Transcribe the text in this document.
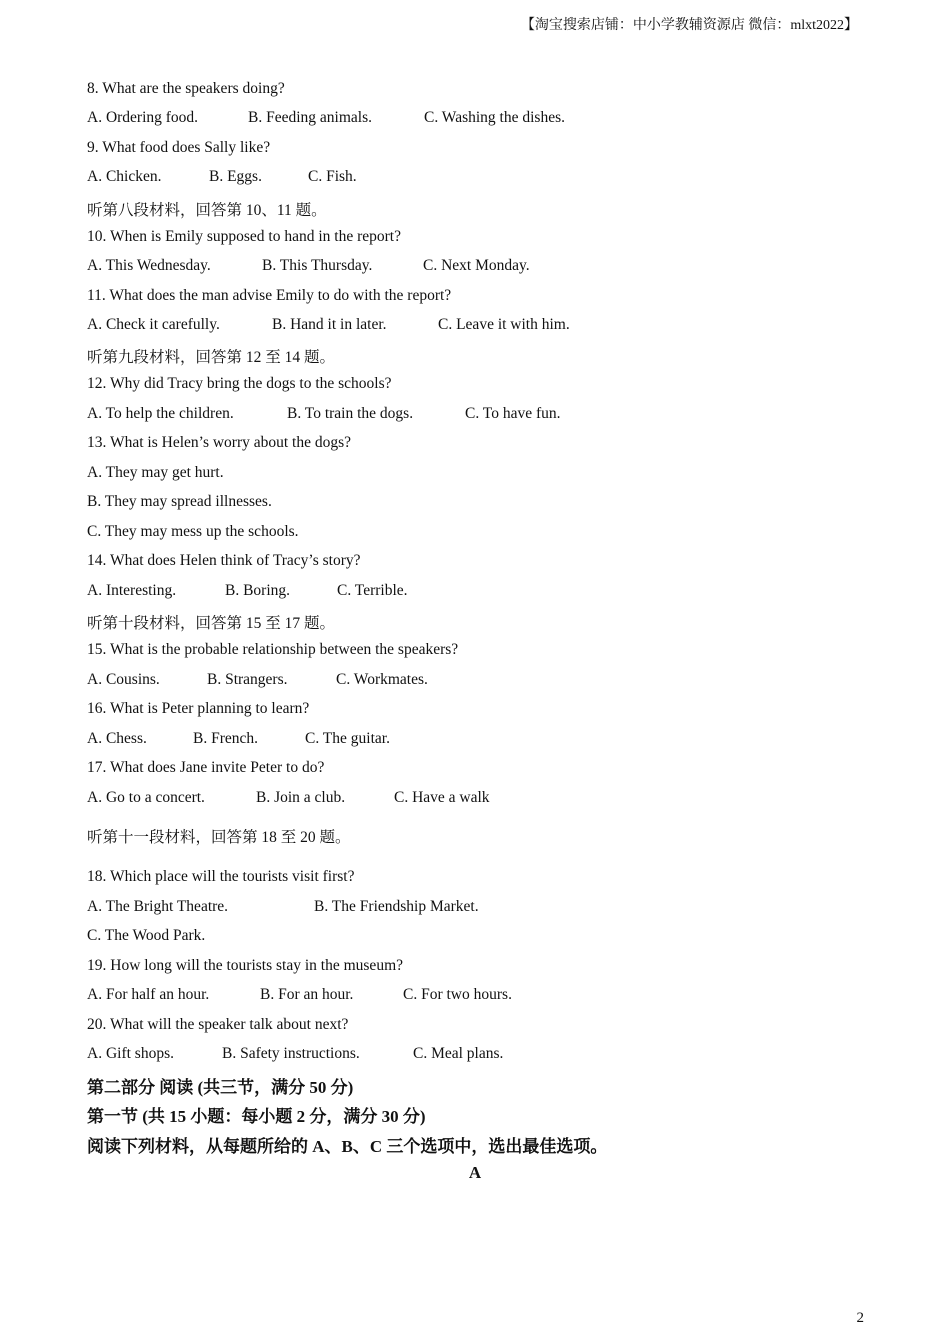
【淘宝搜索店铺：中小学教辅资源店 微信：mlxt2022】
8. What are the speakers doing?
A. Ordering food.	B. Feeding animals.	C. Washing the dishes.
9. What food does Sally like?
A. Chicken.	B. Eggs.	C. Fish.
听第八段材料，回答第 10、11 题。
10. When is Emily supposed to hand in the report?
A. This Wednesday.	B. This Thursday.	C. Next Monday.
11. What does the man advise Emily to do with the report?
A. Check it carefully.	B. Hand it in later.	C. Leave it with him.
听第九段材料，回答第 12 至 14 题。
12. Why did Tracy bring the dogs to the schools?
A. To help the children.	B. To train the dogs.	C. To have fun.
13. What is Helen’s worry about the dogs?
A. They may get hurt.
B. They may spread illnesses.
C. They may mess up the schools.
14. What does Helen think of Tracy’s story?
A. Interesting.	B. Boring.	C. Terrible.
听第十段材料，回答第 15 至 17 题。
15. What is the probable relationship between the speakers?
A. Cousins.	B. Strangers.	C. Workmates.
16. What is Peter planning to learn?
A. Chess.	B. French.	C. The guitar.
17. What does Jane invite Peter to do?
A. Go to a concert.	B. Join a club.	C. Have a walk
听第十一段材料，回答第 18 至 20 题。
18. Which place will the tourists visit first?
A. The Bright Theatre.	B. The Friendship Market.
C. The Wood Park.
19. How long will the tourists stay in the museum?
A. For half an hour.	B. For an hour.	C. For two hours.
20. What will the speaker talk about next?
A. Gift shops.	B. Safety instructions.	C. Meal plans.
第二部分 阅读 (共三节，满分 50 分)
第一节 (共 15 小题：每小题 2 分，满分 30 分)
阅读下列材料，从每题所给的 A、B、C 三个选项中，选出最佳选项。
A
2
